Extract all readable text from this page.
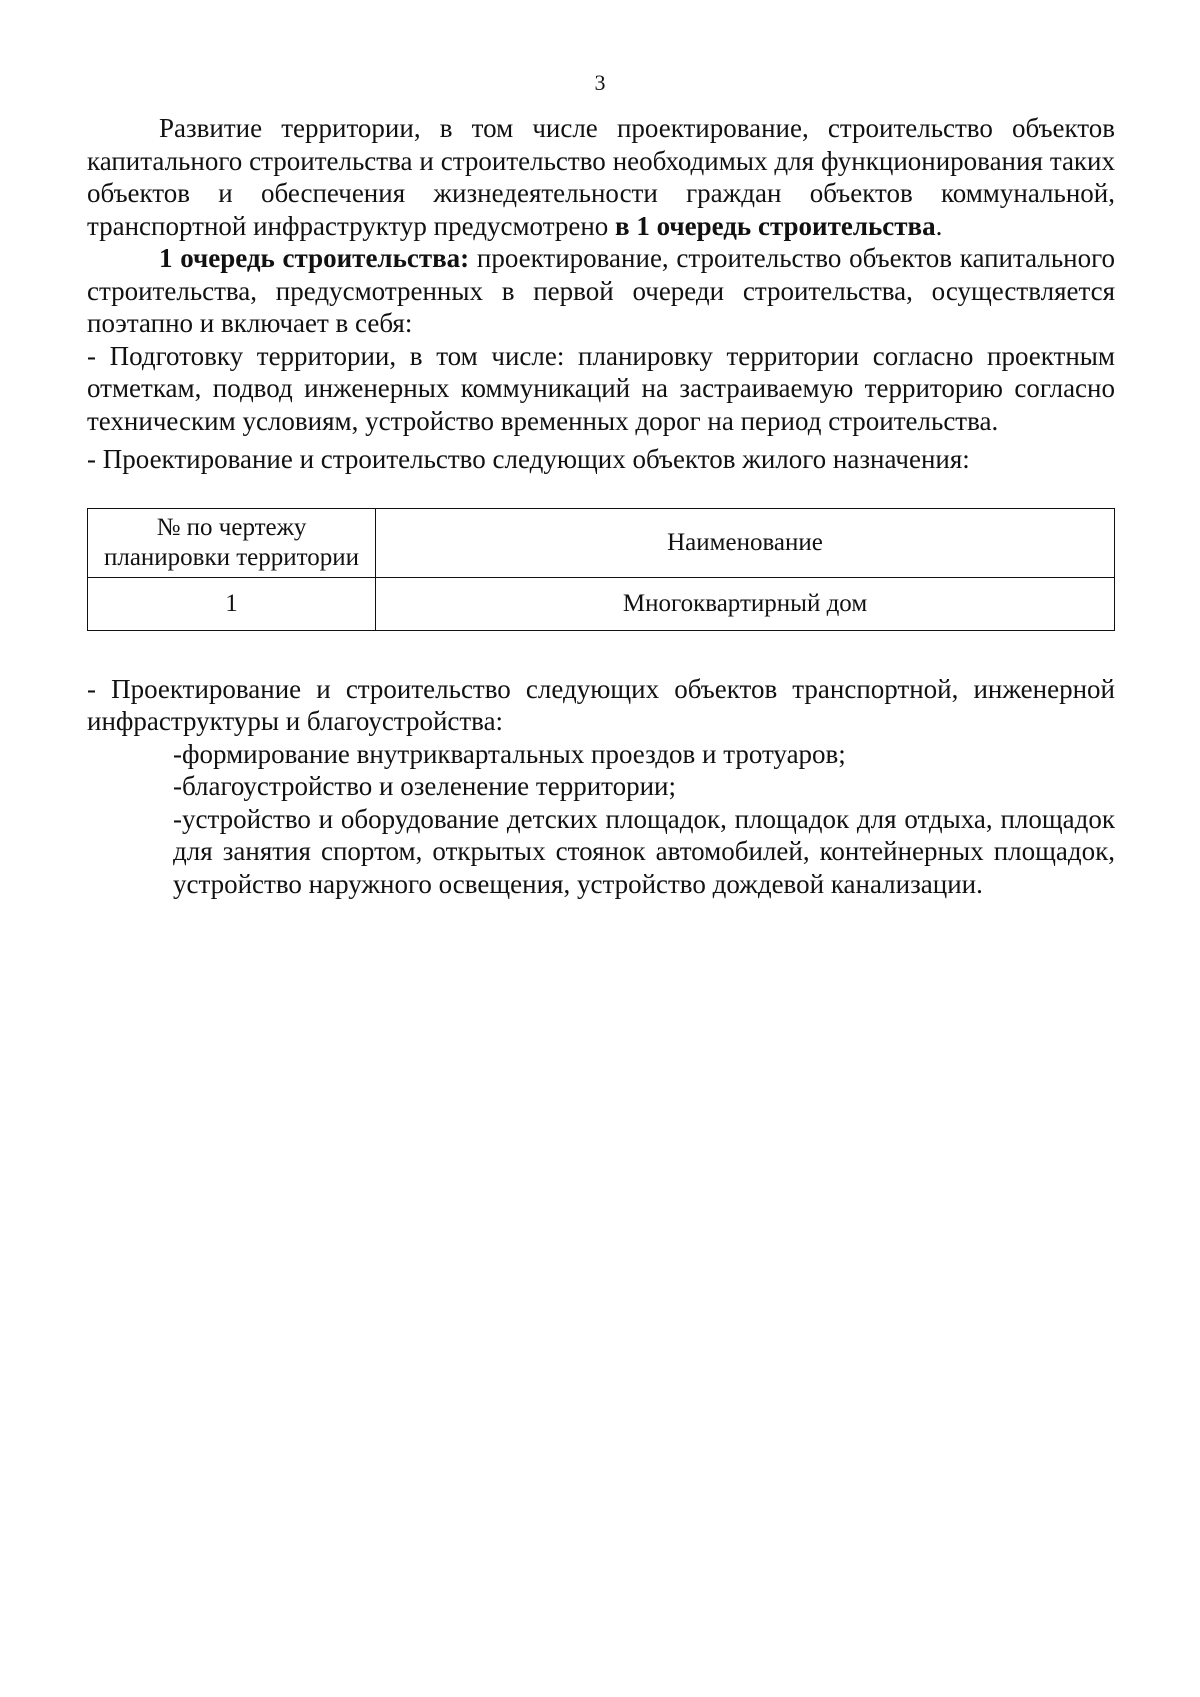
3

Развитие территории, в том числе проектирование, строительство объектов капитального строительства и строительство необходимых для функционирования таких объектов и обеспечения жизнедеятельности граждан объектов коммунальной, транспортной инфраструктур предусмотрено в 1 очередь строительства.

1 очередь строительства: проектирование, строительство объектов капитального строительства, предусмотренных в первой очереди строительства, осуществляется поэтапно и включает в себя:

- Подготовку территории, в том числе: планировку территории согласно проектным отметкам, подвод инженерных коммуникаций на застраиваемую территорию согласно техническим условиям, устройство временных дорог на период строительства.

- Проектирование и строительство следующих объектов жилого назначения:

№ по чертежу планировки территории	Наименование
1	Многоквартирный дом

- Проектирование и строительство следующих объектов транспортной, инженерной инфраструктуры и благоустройства:

-формирование внутриквартальных проездов и тротуаров;
-благоустройство и озеленение территории;
-устройство и оборудование детских площадок, площадок для отдыха, площадок для занятия спортом, открытых стоянок автомобилей, контейнерных площадок, устройство наружного освещения, устройство дождевой канализации.
